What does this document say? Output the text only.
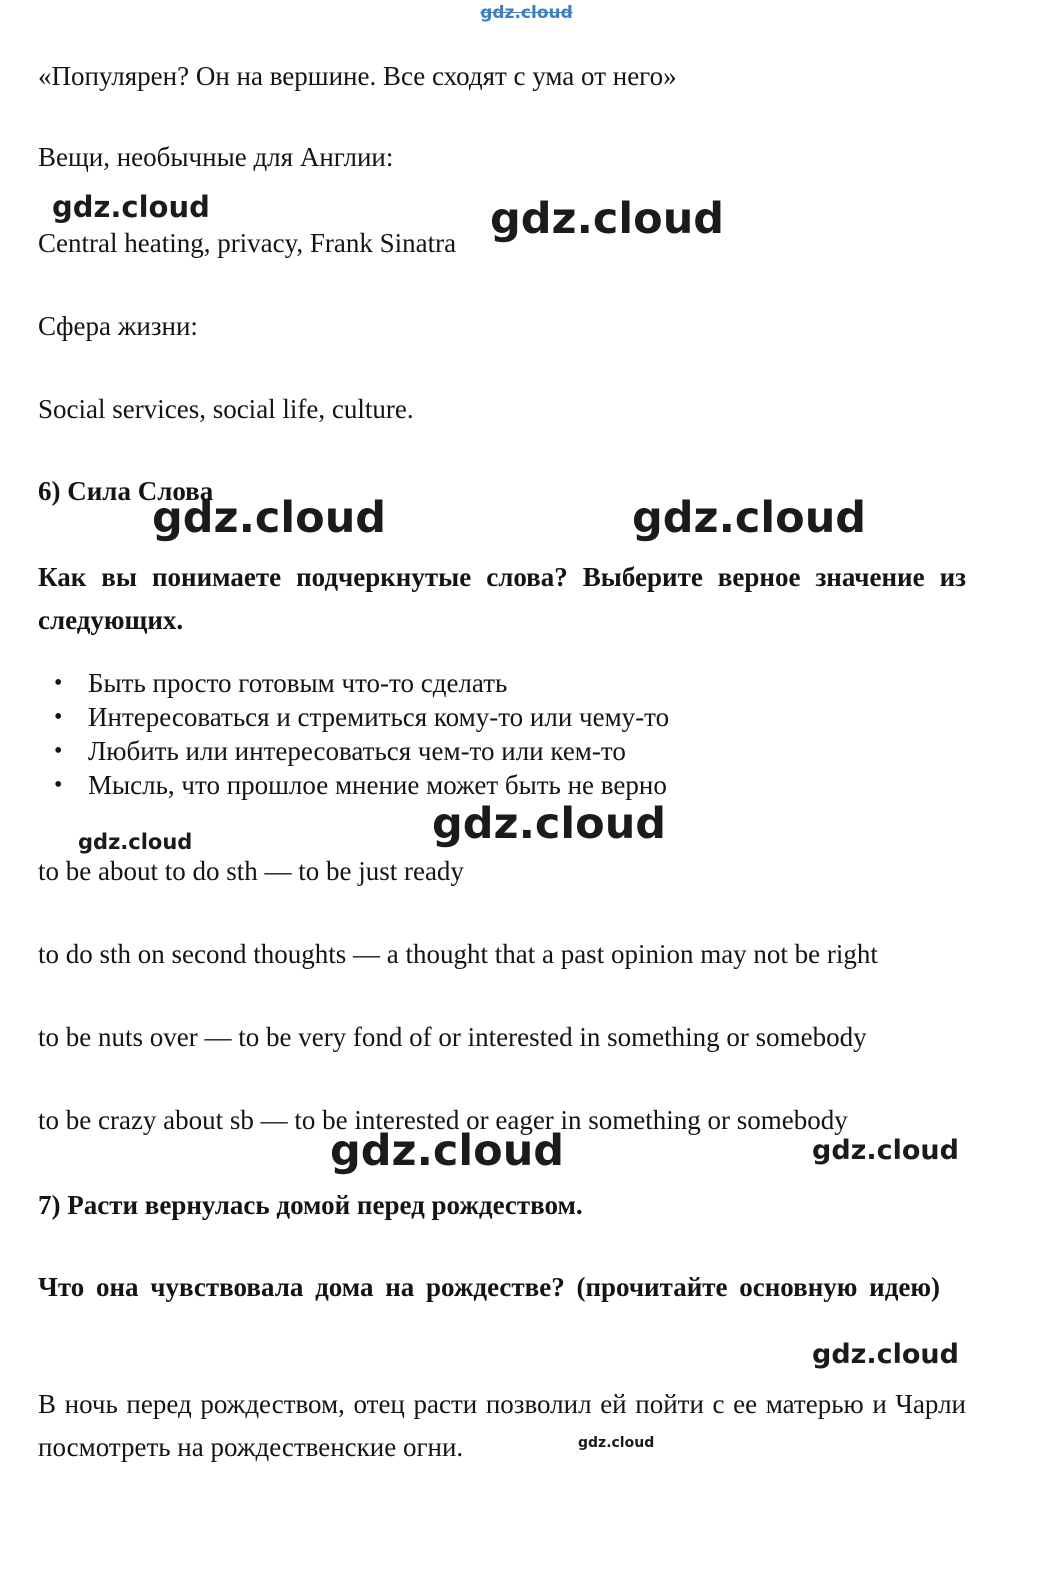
gdz.cloud
gdz.cloud	gdz.cloud
gdz.cloud	gdz.cloud
gdz.cloud	gdz.cloud
gdz.cloud	gdz.cloud
gdz.cloud
gdz.cloud
«Популярен? Он на вершине. Все сходят с ума от него»
Вещи, необычные для Англии:
Central heating, privacy, Frank Sinatra
Сфера жизни:
Social services, social life, culture.
6) Сила Слова
Как вы понимаете подчеркнутые слова? Выберите верное значение из следующих.
• Быть просто готовым что-то сделать
• Интересоваться и стремиться кому-то или чему-то
• Любить или интересоваться чем-то или кем-то
• Мысль, что прошлое мнение может быть не верно
to be about to do sth — to be just ready
to do sth on second thoughts — a thought that a past opinion may not be right
to be nuts over — to be very fond of or interested in something or somebody
to be crazy about sb — to be interested or eager in something or somebody
7) Расти вернулась домой перед рождеством.
Что она чувствовала дома на рождестве? (прочитайте основную идею)
В ночь перед рождеством, отец расти позволил ей пойти с ее матерью и Чарли посмотреть на рождественские огни.
